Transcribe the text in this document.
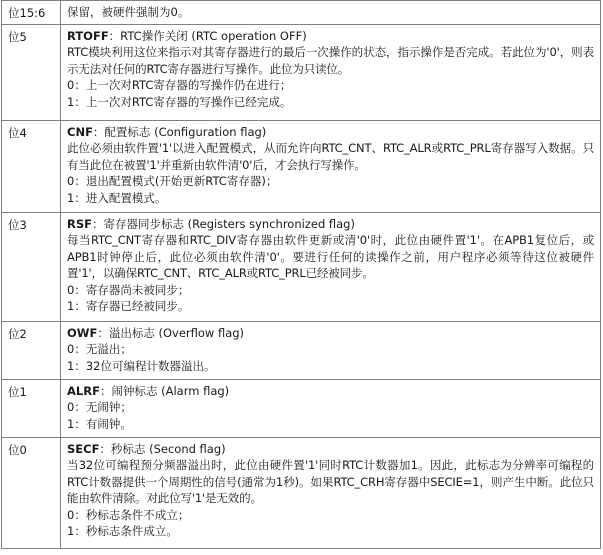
位15:6	保留，被硬件强制为0。

位5	RTOFF：RTC操作关闭 (RTC operation OFF)
RTC模块利用这位来指示对其寄存器进行的最后一次操作的状态，指示操作是否完成。若此位为'0'，则表示无法对任何的RTC寄存器进行写操作。此位为只读位。
0：上一次对RTC寄存器的写操作仍在进行；
1：上一次对RTC寄存器的写操作已经完成。

位4	CNF：配置标志 (Configuration flag)
此位必须由软件置'1'以进入配置模式，从而允许向RTC_CNT、RTC_ALR或RTC_PRL寄存器写入数据。只有当此位在被置'1'并重新由软件清'0'后，才会执行写操作。
0：退出配置模式(开始更新RTC寄存器)；
1：进入配置模式。

位3	RSF：寄存器同步标志 (Registers synchronized flag)
每当RTC_CNT寄存器和RTC_DIV寄存器由软件更新或清'0'时，此位由硬件置'1'。在APB1复位后，或APB1时钟停止后，此位必须由软件清'0'。要进行任何的读操作之前，用户程序必须等待这位被硬件置'1'，以确保RTC_CNT、RTC_ALR或RTC_PRL已经被同步。
0：寄存器尚未被同步；
1：寄存器已经被同步。

位2	OWF：溢出标志 (Overflow flag)
0：无溢出；
1：32位可编程计数器溢出。

位1	ALRF：闹钟标志 (Alarm flag)
0：无闹钟；
1：有闹钟。

位0	SECF：秒标志 (Second flag)
当32位可编程预分频器溢出时，此位由硬件置'1'同时RTC计数器加1。因此，此标志为分辨率可编程的RTC计数器提供一个周期性的信号(通常为1秒)。如果RTC_CRH寄存器中SECIE=1，则产生中断。此位只能由软件清除。对此位写'1'是无效的。
0：秒标志条件不成立；
1：秒标志条件成立。
